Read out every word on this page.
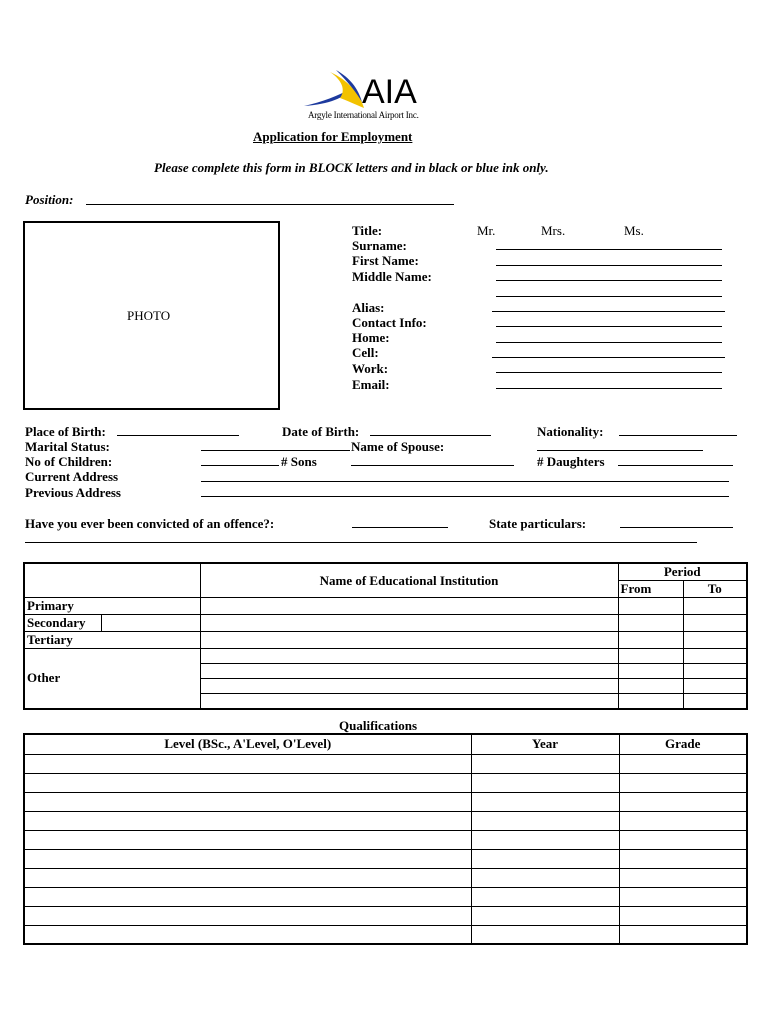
AIA
Argyle International Airport Inc.
Application for Employment
Please complete this form in BLOCK letters and in black or blue ink only.
Position:
PHOTO
Title:	Mr.	Mrs.	Ms.
Surname:
First Name:
Middle Name:
Alias:
Contact Info:
Home:
Cell:
Work:
Email:
Place of Birth:	Date of Birth:	Nationality:
Marital Status:	Name of Spouse:
No of Children:	# Sons	# Daughters
Current Address
Previous Address
Have you ever been convicted of an offence?:	State particulars:
	Name of Educational Institution	Period	
		From	To
Primary			
Secondary

Tertiary			
Other			

Qualifications
Level (BSc., A'Level, O'Level)	Year	Grade
